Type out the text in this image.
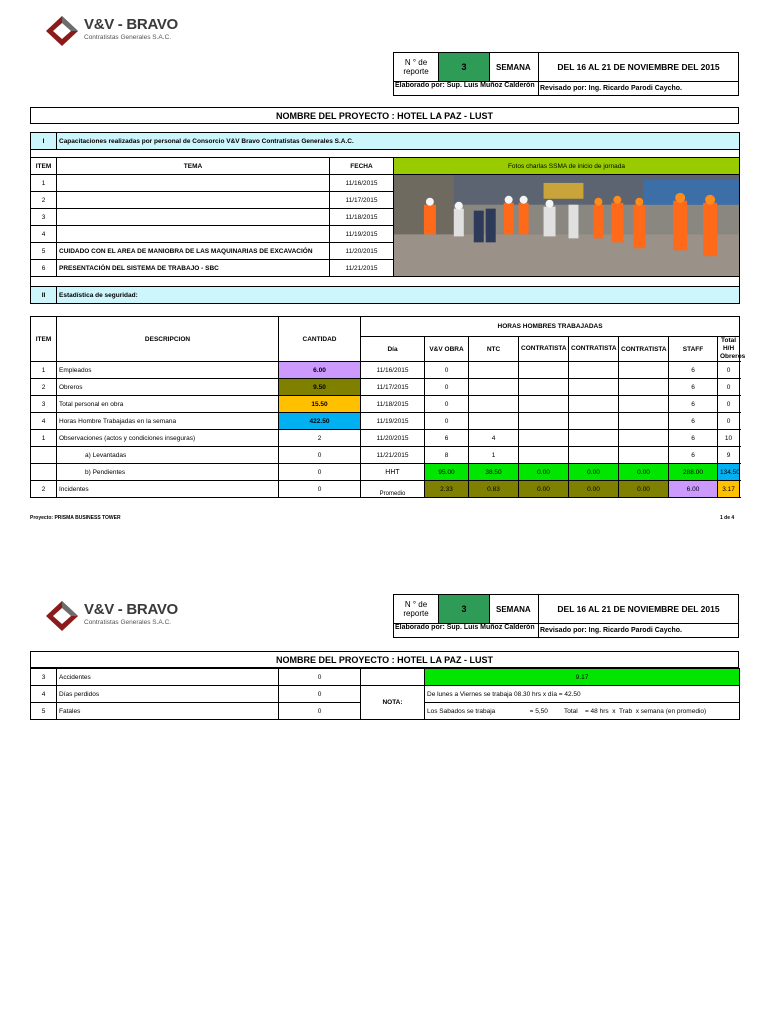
V&V - BRAVO
Contratistas Generales S.A.C.
N ° de reporte	3	SEMANA	DEL 16 AL 21 DE NOVIEMBRE DEL 2015
Elaborado por: Sup. Luis Muñoz Calderón Revisado por: Ing. Ricardo Parodi Caycho.
NOMBRE DEL PROYECTO : HOTEL LA PAZ - LUST
I	Capacitaciones realizadas por personal de Consorcio V&V Bravo Contratistas Generales S.A.C.		

ITEM	TEMA	FECHA	Fotos charlas SSMA de inicio de jornada
1		11/16/2015	

2		11/17/2015	
3		11/18/2015	
4		11/19/2015	
5	CUIDADO CON EL AREA DE MANIOBRA DE LAS MAQUINARIAS DE EXCAVACIÓN	11/20/2015	
6	PRESENTACIÓN DEL SISTEMA DE TRABAJO - SBC	11/21/2015	

II	Estadística de seguridad:		
ITEM	DESCRIPCION	CANTIDAD	HORAS HOMBRES TRABAJADAS							
			Día	V&V OBRA	NTC	CONTRATISTA	CONTRATISTA	CONTRATISTA	STAFF	Total H/H Obreros
1	Empleados	6.00	11/16/2015	0					6	0
2	Obreros	9.50	11/17/2015	0					6	0
3	Total personal en obra	15.50	11/18/2015	0					6	0
4	Horas Hombre Trabajadas en la semana	422.50	11/19/2015	0					6	0
1	Observaciones (actos y condiciones inseguras)	2	11/20/2015	6	4				6	10
	a) Levantadas	0	11/21/2015	8	1				6	9
	b) Pendientes	0	HHT	95.00	38.50	0.00	0.00	0.00	288.00	134.50
2	Incidentes	0	Promedio	2.33	0.83	0.00	0.00	0.00	6.00	3.17
Proyecto: PRISMA BUSINESS TOWER	1 de 4
V&V - BRAVO
Contratistas Generales S.A.C.
N ° de reporte	3	SEMANA	DEL 16 AL 21 DE NOVIEMBRE DEL 2015
Elaborado por: Sup. Luis Muñoz Calderón Revisado por: Ing. Ricardo Parodi Caycho.
NOMBRE DEL PROYECTO : HOTEL LA PAZ - LUST
3	Accidentes	0		9.17
4	Días perdidos	0	NOTA:	De lunes a Viernes se trabaja 08.30 hrs x día = 42.50
5	Fatales	0		Los Sabados se trabaja                   = 5,50         Total    = 48 hrs  x  Trab  x semana (en promedio)
